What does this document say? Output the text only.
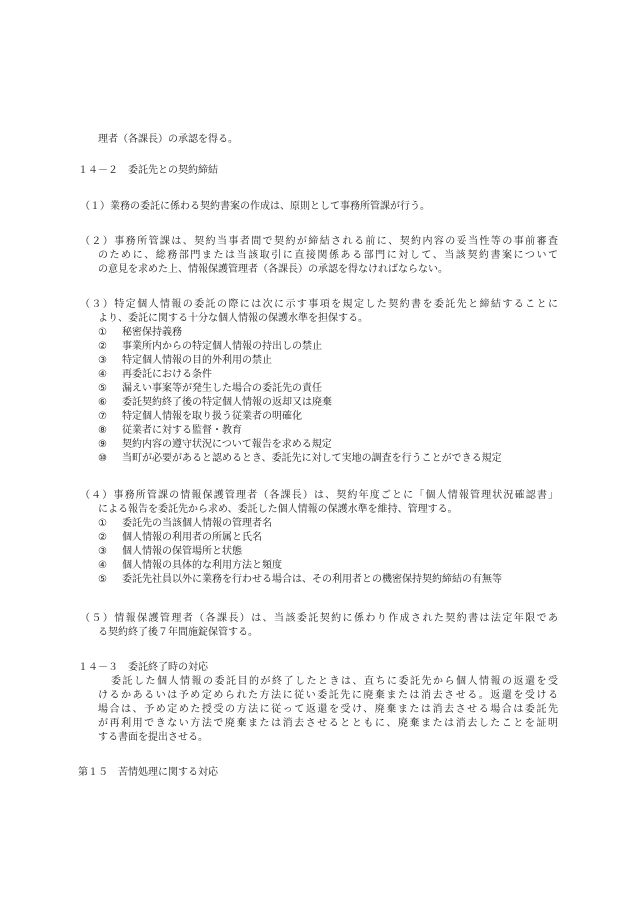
理者（各課長）の承認を得る。
１４－２　委託先との契約締結
（１）業務の委託に係わる契約書案の作成は、原則として事務所管課が行う。
（２）事務所管課は、契約当事者間で契約が締結される前に、契約内容の妥当性等の事前審査
のために、総務部門または当該取引に直接関係ある部門に対して、当該契約書案について
の意見を求めた上、情報保護管理者（各課長）の承認を得なければならない。
（３）特定個人情報の委託の際には次に示す事項を規定した契約書を委託先と締結することに
より、委託に関する十分な個人情報の保護水準を担保する。
① 秘密保持義務
② 事業所内からの特定個人情報の持出しの禁止
③ 特定個人情報の目的外利用の禁止
④ 再委託における条件
⑤ 漏えい事案等が発生した場合の委託先の責任
⑥ 委託契約終了後の特定個人情報の返却又は廃棄
⑦ 特定個人情報を取り扱う従業者の明確化
⑧ 従業者に対する監督・教育
⑨ 契約内容の遵守状況について報告を求める規定
⑩ 当町が必要があると認めるとき、委託先に対して実地の調査を行うことができる規定
（４）事務所管課の情報保護管理者（各課長）は、契約年度ごとに「個人情報管理状況確認書」
による報告を委託先から求め、委託した個人情報の保護水準を維持、管理する。
① 委託先の当該個人情報の管理者名
② 個人情報の利用者の所属と氏名
③ 個人情報の保管場所と状態
④ 個人情報の具体的な利用方法と頻度
⑤ 委託先社員以外に業務を行わせる場合は、その利用者との機密保持契約締結の有無等
（５）情報保護管理者（各課長）は、当該委託契約に係わり作成された契約書は法定年限であ
る契約終了後７年間施錠保管する。
１４－３　委託終了時の対応
委託した個人情報の委託目的が終了したときは、直ちに委託先から個人情報の返還を受
けるかあるいは予め定められた方法に従い委託先に廃棄または消去させる。返還を受ける
場合は、予め定めた授受の方法に従って返還を受け、廃棄または消去させる場合は委託先
が再利用できない方法で廃棄または消去させるとともに、廃棄または消去したことを証明
する書面を提出させる。
第１５　苦情処理に関する対応
